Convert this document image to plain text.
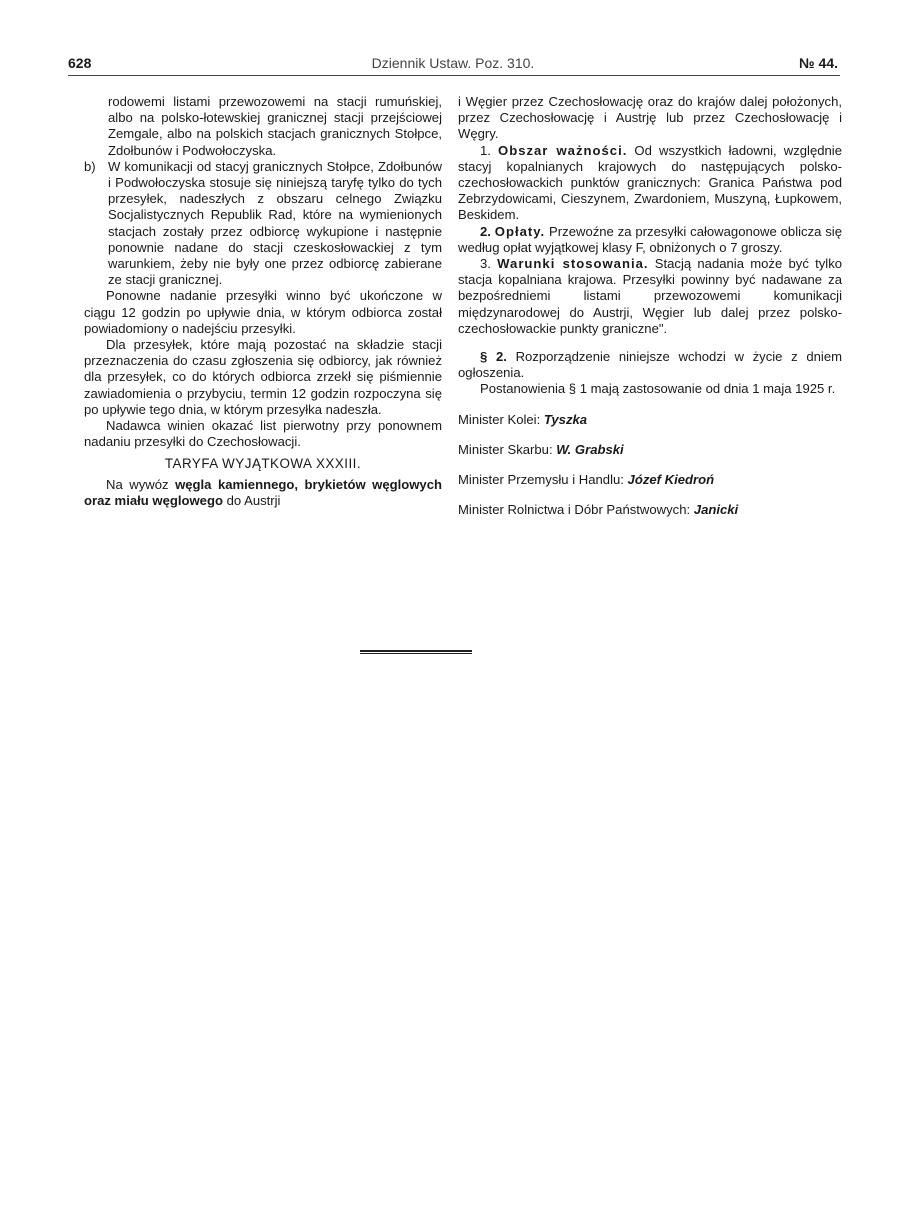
628	Dziennik Ustaw. Poz. 310.	№ 44.

rodowemi listami przewozowemi na stacji rumuńskiej, albo na polsko-łotewskiej granicznej stacji przejściowej Zemgale, albo na polskich stacjach granicznych Stołpce, Zdołbunów i Podwołoczyska.

b) W komunikacji od stacyj granicznych Stołpce, Zdołbunów i Podwołoczyska stosuje się niniejszą taryfę tylko do tych przesyłek, nadeszłych z obszaru celnego Związku Socjalistycznych Republik Rad, które na wymienionych stacjach zostały przez odbiorcę wykupione i następnie ponownie nadane do stacji czeskosłowackiej z tym warunkiem, żeby nie były one przez odbiorcę zabierane ze stacji granicznej.

Ponowne nadanie przesyłki winno być ukończone w ciągu 12 godzin po upływie dnia, w którym odbiorca został powiadomiony o nadejściu przesyłki.

Dla przesyłek, które mają pozostać na składzie stacji przeznaczenia do czasu zgłoszenia się odbiorcy, jak również dla przesyłek, co do których odbiorca zrzekł się piśmiennie zawiadomienia o przybyciu, termin 12 godzin rozpoczyna się po upływie tego dnia, w którym przesyłka nadeszła.

Nadawca winien okazać list pierwotny przy ponownem nadaniu przesyłki do Czechosłowacji.

TARYFA WYJĄTKOWA XXXIII.

Na wywóz węgla kamiennego, brykietów węglowych oraz miału węglowego do Austrji

i Węgier przez Czechosłowację oraz do krajów dalej położonych, przez Czechosłowację i Austrję lub przez Czechosłowację i Węgry.

1. Obszar ważności. Od wszystkich ładowni, względnie stacyj kopalnianych krajowych do następujących polsko-czechosłowackich punktów granicznych: Granica Państwa pod Zebrzydowicami, Cieszynem, Zwardoniem, Muszyną, Łupkowem, Beskidem.

2. Opłaty. Przewoźne za przesyłki całowagonowe oblicza się według opłat wyjątkowej klasy F, obniżonych o 7 groszy.

3. Warunki stosowania. Stacją nadania może być tylko stacja kopalniana krajowa. Przesyłki powinny być nadawane za bezpośredniemi listami przewozowemi komunikacji międzynarodowej do Austrji, Węgier lub dalej przez polsko-czechosłowackie punkty graniczne".

§ 2. Rozporządzenie niniejsze wchodzi w życie z dniem ogłoszenia.

Postanowienia § 1 mają zastosowanie od dnia 1 maja 1925 r.

Minister Kolei: Tyszka

Minister Skarbu: W. Grabski

Minister Przemysłu i Handlu: Józef Kiedroń

Minister Rolnictwa i Dóbr Państwowych: Janicki
